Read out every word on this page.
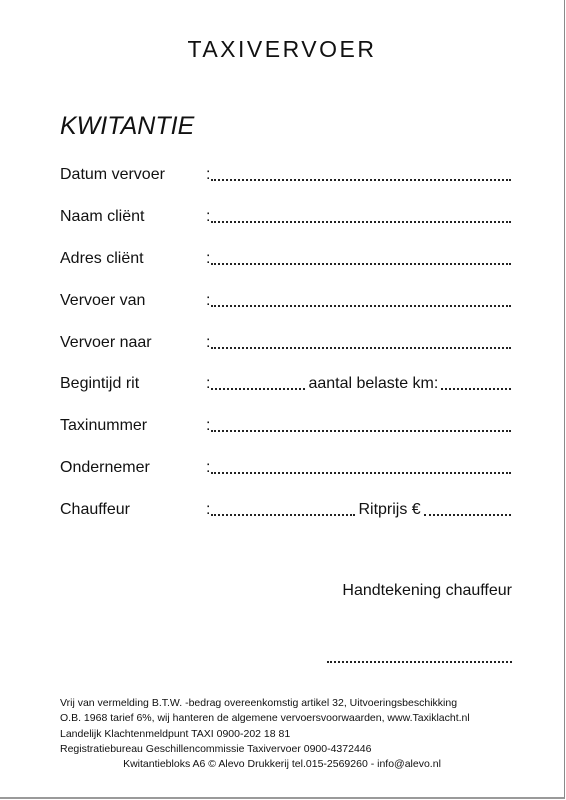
TAXIVERVOER
KWITANTIE
Datum vervoer	:
Naam cliënt	:
Adres cliënt	:
Vervoer van	:
Vervoer naar	:
Begintijd rit	:	aantal belaste km:
Taxinummer	:
Ondernemer	:
Chauffeur	:	Ritprijs €
Handtekening chauffeur
Vrij van vermelding B.T.W. -bedrag overeenkomstig artikel 32, Uitvoeringsbeschikking
O.B. 1968 tarief 6%, wij hanteren de algemene vervoersvoorwaarden, www.Taxiklacht.nl
Landelijk Klachtenmeldpunt TAXI 0900-202 18 81
Registratiebureau Geschillencommissie Taxivervoer 0900-4372446
Kwitantiebloks A6 © Alevo Drukkerij tel.015-2569260 - info@alevo.nl
